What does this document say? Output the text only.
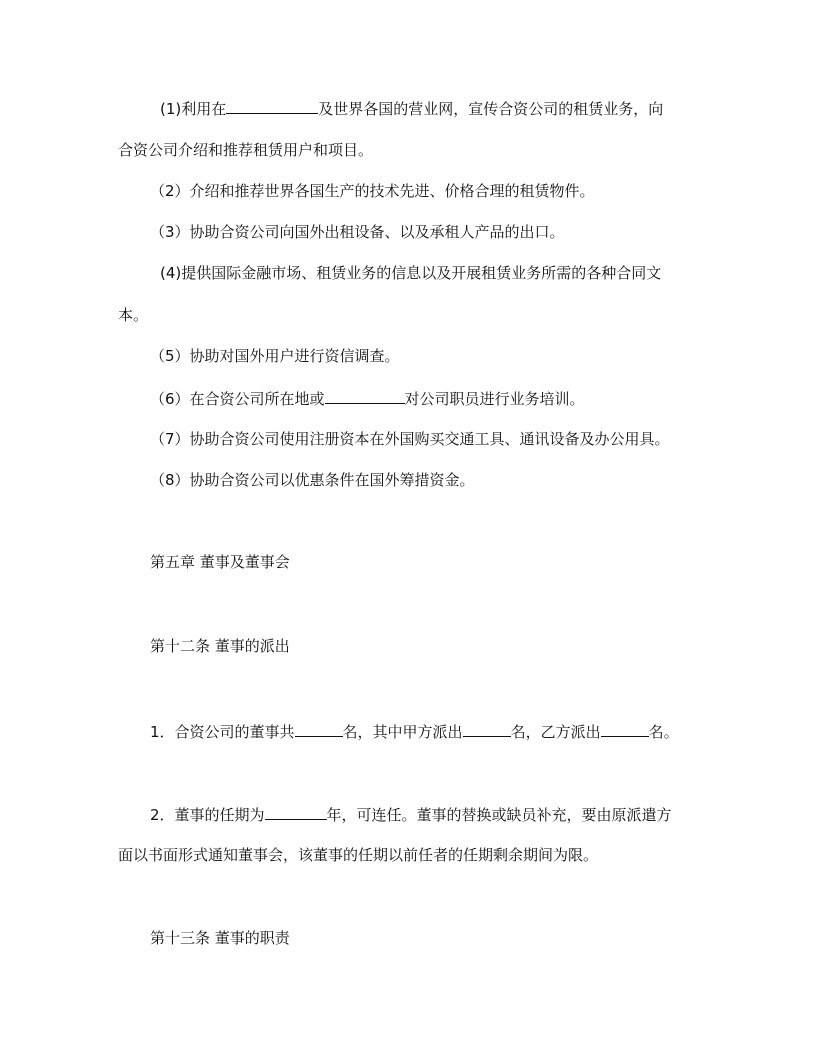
(1)利用在	及世界各国的营业网，宣传合资公司的租赁业务，向
合资公司介绍和推荐租赁用户和项目。
（2）介绍和推荐世界各国生产的技术先进、价格合理的租赁物件。
（3）协助合资公司向国外出租设备、以及承租人产品的出口。
(4)提供国际金融市场、租赁业务的信息以及开展租赁业务所需的各种合同文
本。
（5）协助对国外用户进行资信调查。
（6）在合资公司所在地或	对公司职员进行业务培训。
（7）协助合资公司使用注册资本在外国购买交通工具、通讯设备及办公用具。
（8）协助合资公司以优惠条件在国外筹措资金。
第五章 董事及董事会
第十二条 董事的派出
1．合资公司的董事共	名，其中甲方派出	名，乙方派出	名。
2．董事的任期为	年，可连任。董事的替换或缺员补充，要由原派遣方
面以书面形式通知董事会，该董事的任期以前任者的任期剩余期间为限。
第十三条 董事的职责
